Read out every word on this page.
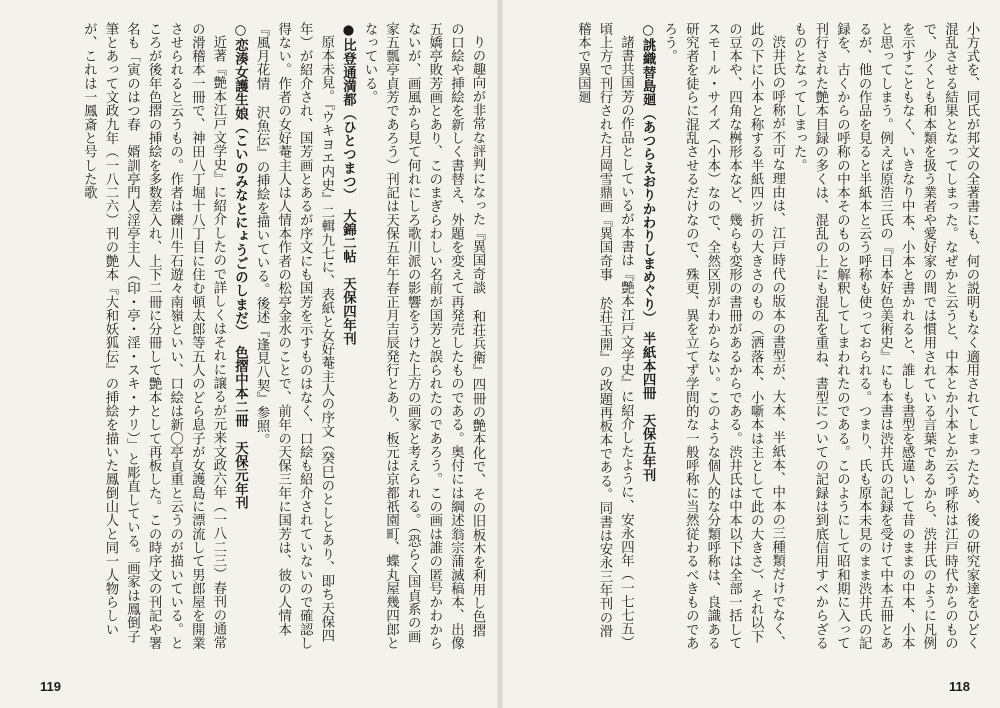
りの趣向が非常な評判になった『異国奇談 和荘兵衛』四冊の艶本化で、その旧板木を利用し色摺の口絵や挿絵を新しく書替え、外題を変えて再発売したものである。奥付には綱述翁宗蒲滅稿本、出像五嬌亭敗芳画とあり、このまぎらわしい名前が国芳と誤られたのであろう。この画は誰の匿号かわからないが、画風から見て何れにしろ歌川派の影響をうけた上方の画家と考えられる。（恐らく国貞系の画家五瓢亭貞芳であろう）刊記は天保五年午春正月吉辰発行とあり、板元は京都祇園町、蝶丸屋幾四郎となっている。

●比登通満都（ひとつまつ）　大錦二帖　天保四年刊

原本未見。『ウキヨエ内史』二輯九七に、表紙と女好菴主人の序文（癸巳のとしとあり、即ち天保四年）が紹介され、国芳画とあるが序文にも国芳を示すものはなく、口絵も紹介されていないので確認し得ない。作者の女好菴主人は人情本作者の松亭金水のことで、前年の天保三年に国芳は、彼の人情本『風月花情 沢魚伝』の挿絵を描いている。後述『逢見八契』参照。

○恋湊女護生娘（こいのみなとにょうごのしまだ）　色摺中本二冊　天保元年刊

近著『艶本江戸文学史』に紹介したので詳しくはそれに譲るが元来文政六年（一八二三）春刊の通常の滑稽本一冊で、神田八丁堀十八丁目に住む頓太郎等五人のどら息子が女護島に漂流して男郎屋を開業させられると云うもの。作者は礫川牛石遊々南嶺といい、口絵は新〇亭貞重と云うのが描いている。ところが後年色摺の挿絵を多数差入れ、上下二冊に分冊して艶本として再板した。この時序文の刊記や署名も「寅のはつ春　婿訓亭門人淫亭主人（印・亭・淫・スキ・ナリ）」と彫直している。画家は鳳倒子筆とあって文政九年（一八二六）刊の艶本『大和妖狐伝』の挿絵を描いた鳳倒山人と同一人物らしいが、これは一鳳斎と号した歌

119

小方式を、同氏が邦文の全著書にも、何の説明もなく適用されてしまったため、後の研究家達をひどく混乱させる結果となってしまった。なぜかと云うと、中本とか小本とか云う呼称は江戸時代からのもので、少くとも和本類を扱う業者や愛好家の間では慣用されている言葉であるから、渋井氏のように凡例を示すこともなく、いきなり中本、小本と書かれると、誰しも書型を感違いして昔のままの中本、小本と思ってしまう。例えば原浩三氏の『日本好色美術史』にも本書は渋井氏の記録を受けて中本五冊とあるが、他の作品を見ると半紙本と云う呼称も使っておられる。つまり、氏も原本未見のまま渋井氏の記録を、古くからの呼称の中本そのものと解釈してしまわれたのである。このようにして昭和期に入って刊行された艶本目録の多くは、混乱の上にも混乱を重ね、書型についての記録は到底信用すべからざるものとなってしまった。

渋井氏の呼称が不可な理由は、江戸時代の版本の書型が、大本、半紙本、中本の三種類だけでなく、此の下に小本と称する半紙四ツ折の大きさのもの（洒落本、小噺本は主として此の大きさ）、それ以下の豆本や、四角な桝形本など、幾らも変形の書冊があるからである。渋井氏は中本以下は全部一括してスモール・サイズ（小本）なので、全然区別がわからない。このような個人的な分類呼称は、良識ある研究者を徒らに混乱させるだけなので、殊更、異を立てず学問的な一般呼称に当然従わるべきものであろう。

○誂織替島廻（あつらえおりかわりしまめぐり）　半紙本四冊　天保五年刊

諸書共国芳の作品としているが本書は『艶本江戸文学史』に紹介したように、安永四年（一七七五）頃上方で刊行された月岡雪鼎画『異国奇事 於荘玉開』の改題再板本である。同書は安永三年刊の滑稽本で異国廻

118
